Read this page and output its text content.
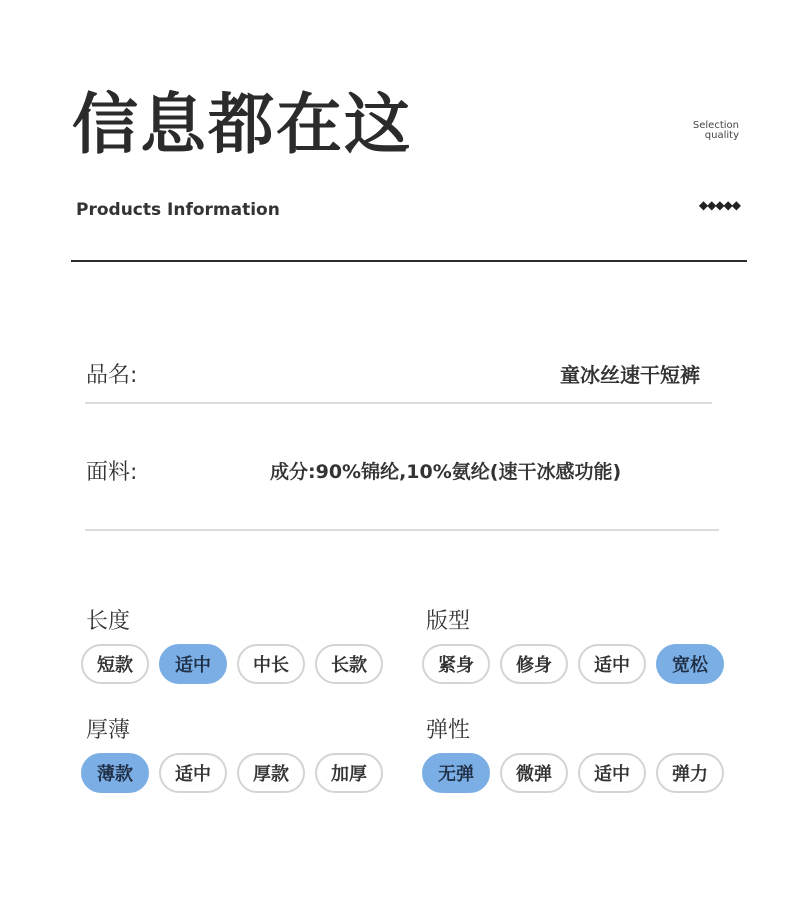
信息都在这
Products Information
Selection
quality
◆◆◆◆◆
品名:	童冰丝速干短裤
面料:	成分:90%锦纶,10%氨纶(速干冰感功能)
长度
短款	适中	中长	长款
版型
紧身	修身	适中	宽松
厚薄
薄款	适中	厚款	加厚
弹性
无弹	微弹	适中	弹力
